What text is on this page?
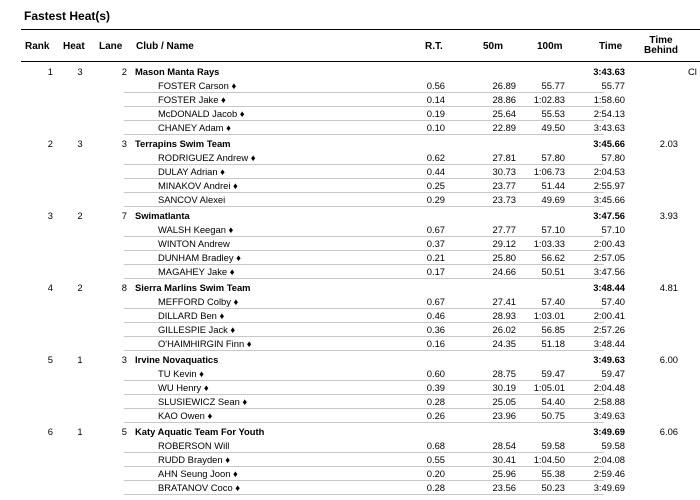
Fastest Heat(s)
Rank Heat Lane Club / Name	R.T.	50m	100m	Time
Time
Behind
1	3	2 Mason Manta Rays	3:43.63	Cl
FOSTER Carson ♦	0.56	26.89	55.77	55.77
FOSTER Jake ♦	0.14	28.86	1:02.83	1:58.60
McDONALD Jacob ♦	0.19	25.64	55.53	2:54.13
CHANEY Adam ♦	0.10	22.89	49.50	3:43.63
2	3	3 Terrapins Swim Team	3:45.66	2.03
RODRIGUEZ Andrew ♦	0.62	27.81	57.80	57.80
DULAY Adrian ♦	0.44	30.73	1:06.73	2:04.53
MINAKOV Andrei ♦	0.25	23.77	51.44	2:55.97
SANCOV Alexei	0.29	23.73	49.69	3:45.66
3	2	7 Swimatlanta	3:47.56	3.93
WALSH Keegan ♦	0.67	27.77	57.10	57.10
WINTON Andrew	0.37	29.12	1:03.33	2:00.43
DUNHAM Bradley ♦	0.21	25.80	56.62	2:57.05
MAGAHEY Jake ♦	0.17	24.66	50.51	3:47.56
4	2	8 Sierra Marlins Swim Team	3:48.44	4.81
MEFFORD Colby ♦	0.67	27.41	57.40	57.40
DILLARD Ben ♦	0.46	28.93	1:03.01	2:00.41
GILLESPIE Jack ♦	0.36	26.02	56.85	2:57.26
O'HAIMHIRGIN Finn ♦	0.16	24.35	51.18	3:48.44
5	1	3 Irvine Novaquatics	3:49.63	6.00
TU Kevin ♦	0.60	28.75	59.47	59.47
WU Henry ♦	0.39	30.19	1:05.01	2:04.48
SLUSIEWICZ Sean ♦	0.28	25.05	54.40	2:58.88
KAO Owen ♦	0.26	23.96	50.75	3:49.63
6	1	5 Katy Aquatic Team For Youth	3:49.69	6.06
ROBERSON Will	0.68	28.54	59.58	59.58
RUDD Brayden ♦	0.55	30.41	1:04.50	2:04.08
AHN Seung Joon ♦	0.20	25.96	55.38	2:59.46
BRATANOV Coco ♦	0.28	23.56	50.23	3:49.69
